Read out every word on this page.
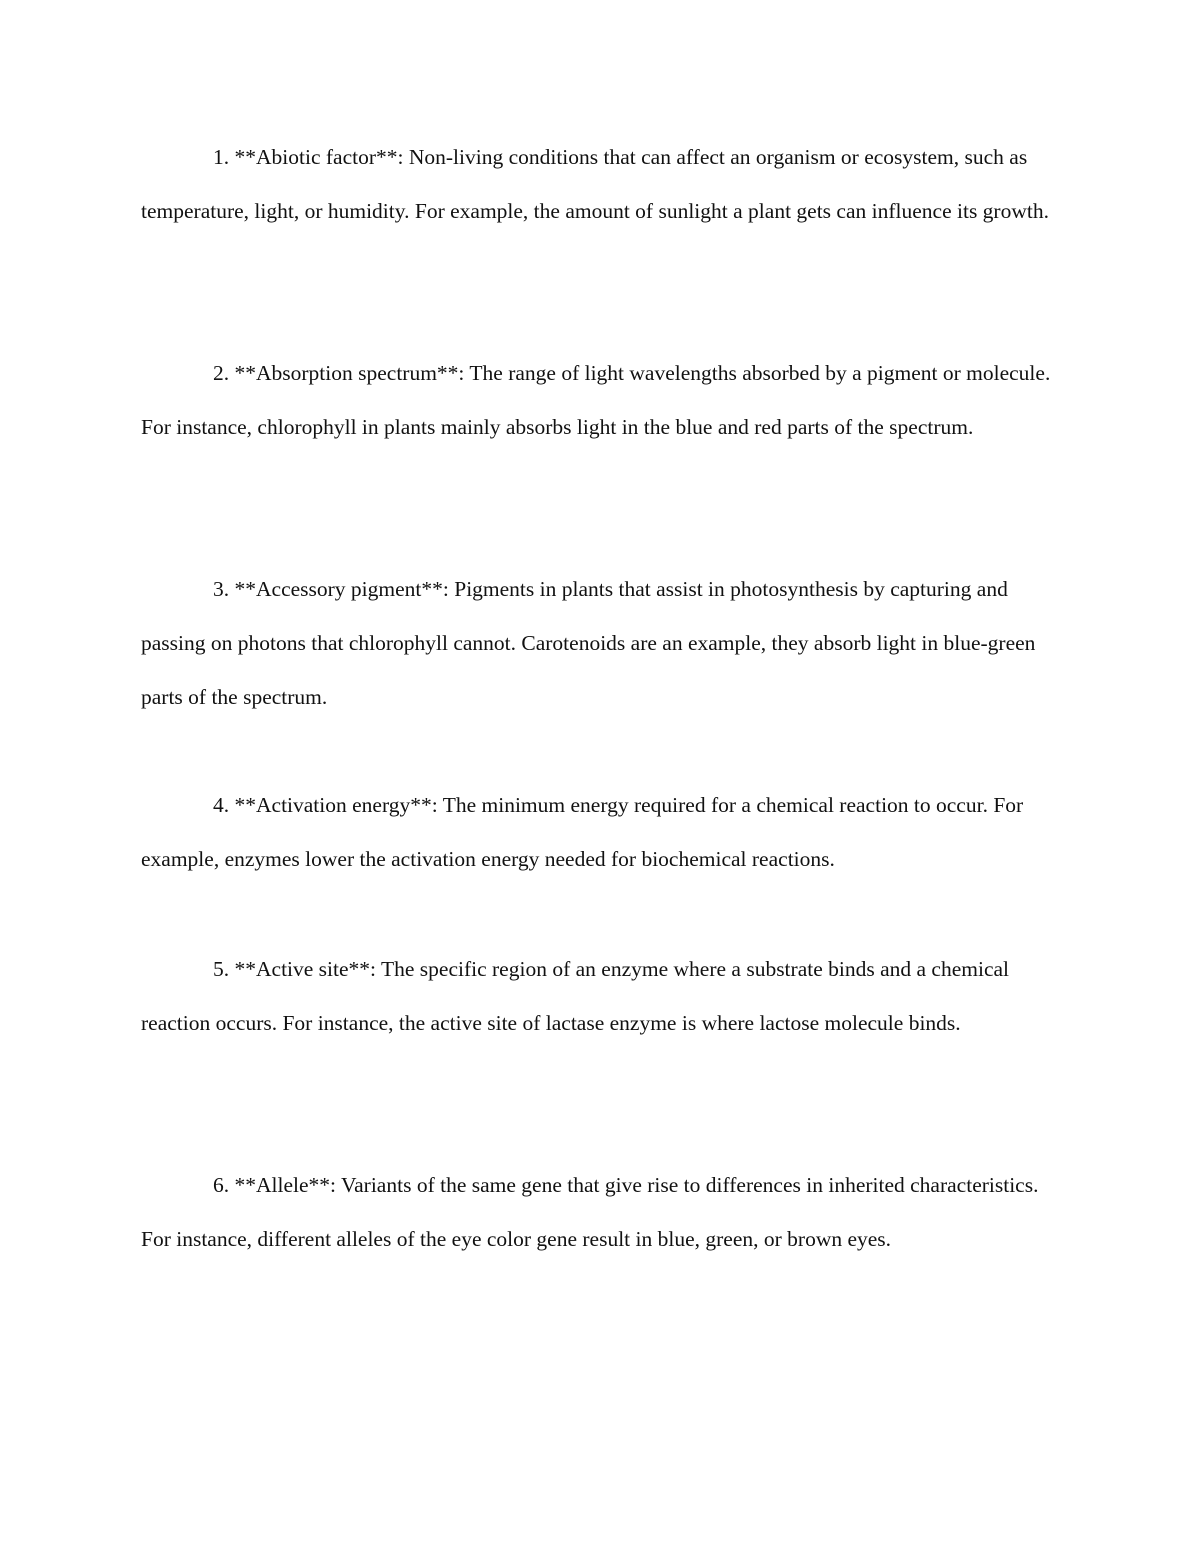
1. **Abiotic factor**: Non-living conditions that can affect an organism or ecosystem, such as temperature, light, or humidity. For example, the amount of sunlight a plant gets can influence its growth.

2. **Absorption spectrum**: The range of light wavelengths absorbed by a pigment or molecule. For instance, chlorophyll in plants mainly absorbs light in the blue and red parts of the spectrum.

3. **Accessory pigment**: Pigments in plants that assist in photosynthesis by capturing and passing on photons that chlorophyll cannot. Carotenoids are an example, they absorb light in blue-green parts of the spectrum.

4. **Activation energy**: The minimum energy required for a chemical reaction to occur. For example, enzymes lower the activation energy needed for biochemical reactions.

5. **Active site**: The specific region of an enzyme where a substrate binds and a chemical reaction occurs. For instance, the active site of lactase enzyme is where lactose molecule binds.

6. **Allele**: Variants of the same gene that give rise to differences in inherited characteristics. For instance, different alleles of the eye color gene result in blue, green, or brown eyes.
